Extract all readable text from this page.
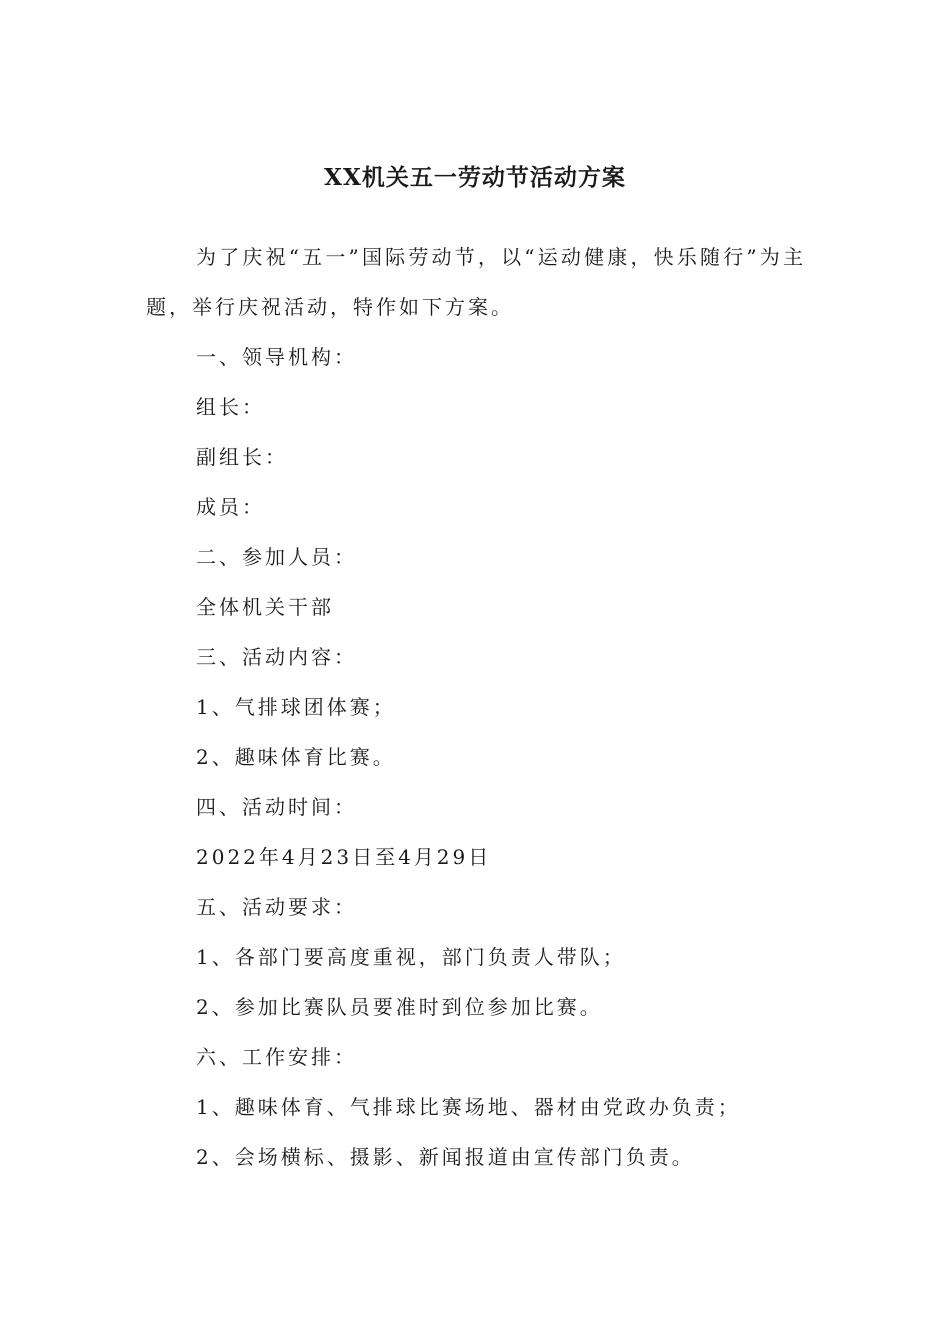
XX机关五一劳动节活动方案

为了庆祝“五一”国际劳动节，以“运动健康，快乐随行”为主题，举行庆祝活动，特作如下方案。

一、领导机构：

组长：

副组长：

成员：

二、参加人员：

全体机关干部

三、活动内容：

1、气排球团体赛；

2、趣味体育比赛。

四、活动时间：

2022年4月23日至4月29日

五、活动要求：

1、各部门要高度重视，部门负责人带队；

2、参加比赛队员要准时到位参加比赛。

六、工作安排：

1、趣味体育、气排球比赛场地、器材由党政办负责；

2、会场横标、摄影、新闻报道由宣传部门负责。
